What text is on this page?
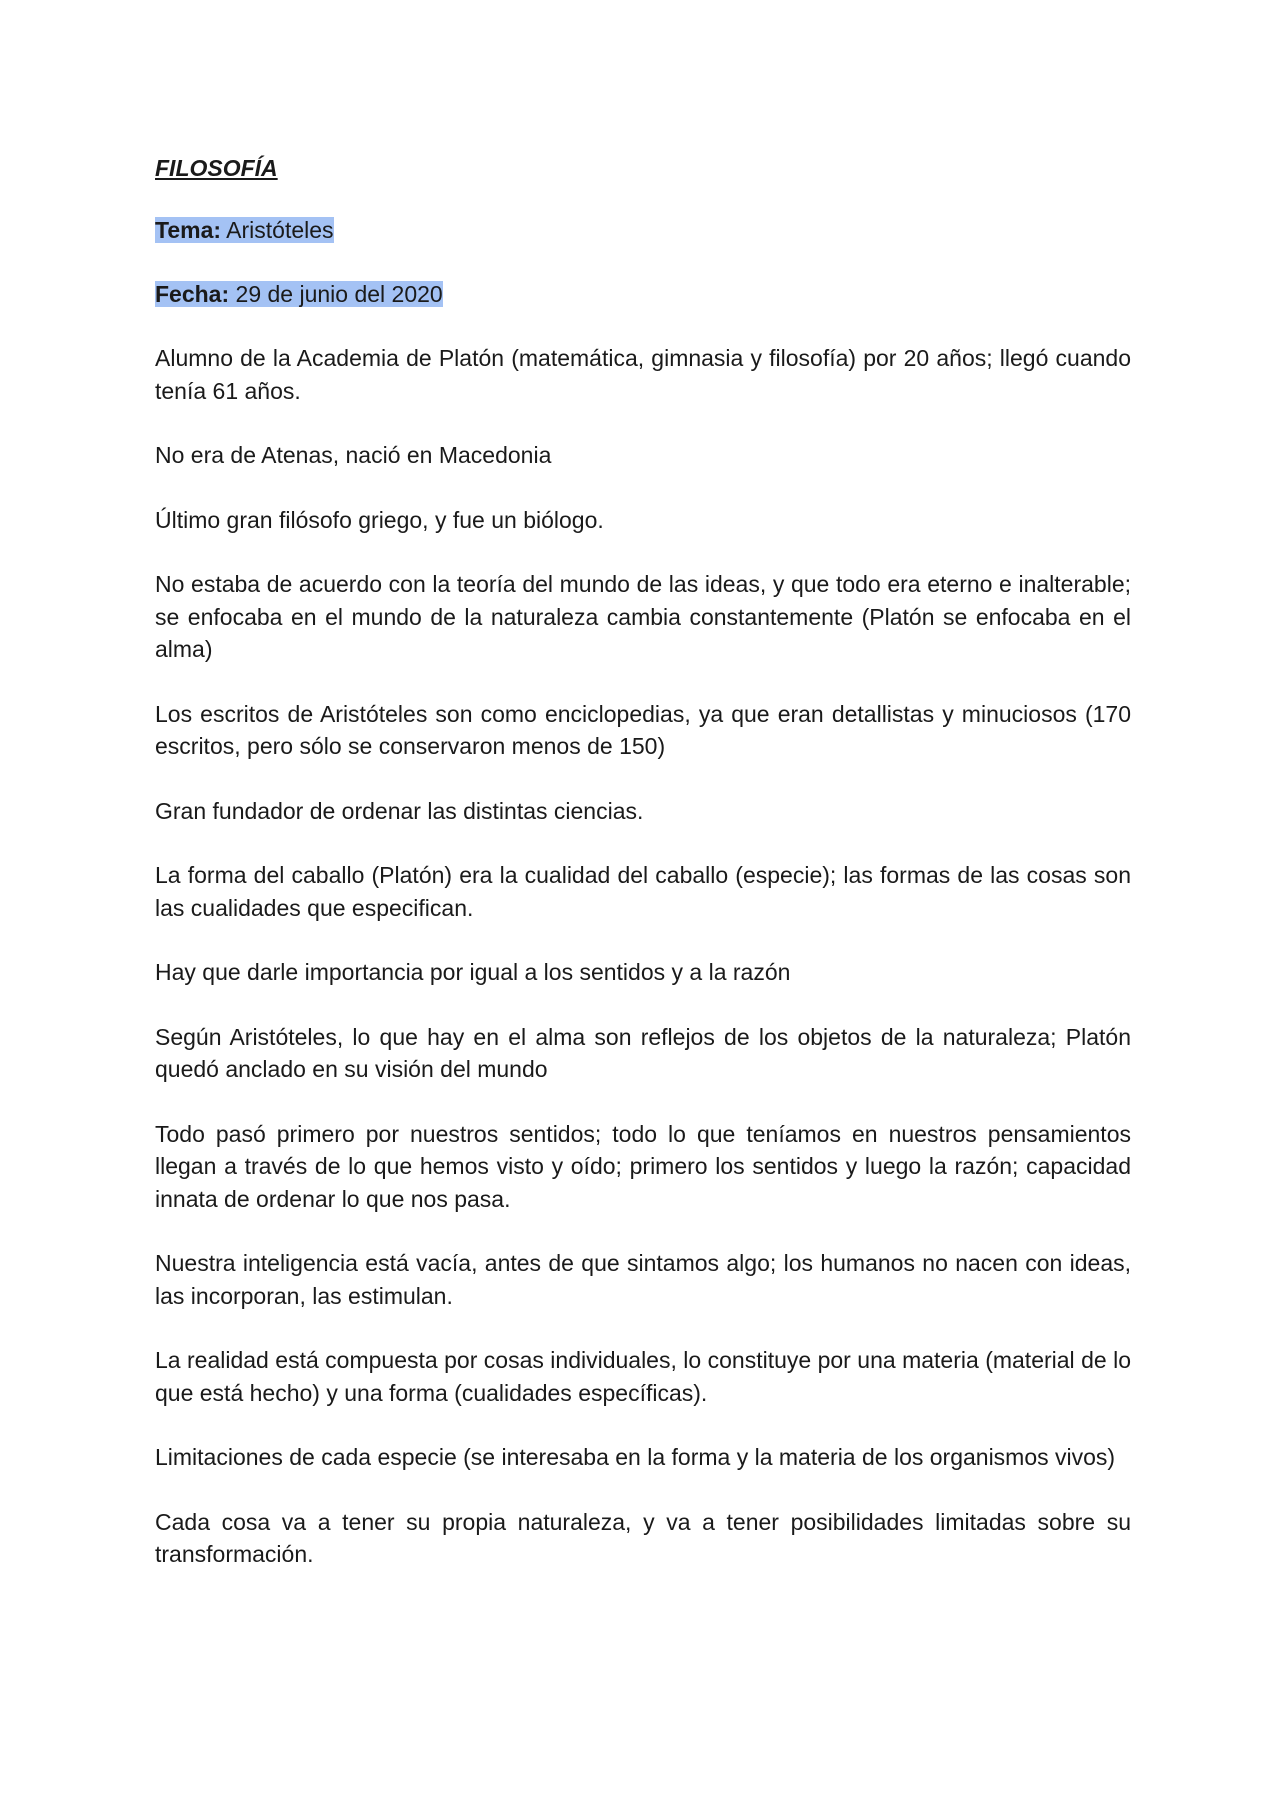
FILOSOFÍA
Tema: Aristóteles
Fecha: 29 de junio del 2020

Alumno de la Academia de Platón (matemática, gimnasia y filosofía) por 20 años; llegó cuando tenía 61 años.

No era de Atenas, nació en Macedonia

Último gran filósofo griego, y fue un biólogo.

No estaba de acuerdo con la teoría del mundo de las ideas, y que todo era eterno e inalterable; se enfocaba en el mundo de la naturaleza cambia constantemente (Platón se enfocaba en el alma)

Los escritos de Aristóteles son como enciclopedias, ya que eran detallistas y minuciosos (170 escritos, pero sólo se conservaron menos de 150)

Gran fundador de ordenar las distintas ciencias.

La forma del caballo (Platón) era la cualidad del caballo (especie); las formas de las cosas son las cualidades que especifican.

Hay que darle importancia por igual a los sentidos y a la razón

Según Aristóteles, lo que hay en el alma son reflejos de los objetos de la naturaleza; Platón quedó anclado en su visión del mundo

Todo pasó primero por nuestros sentidos; todo lo que teníamos en nuestros pensamientos llegan a través de lo que hemos visto y oído; primero los sentidos y luego la razón; capacidad innata de ordenar lo que nos pasa.

Nuestra inteligencia está vacía, antes de que sintamos algo; los humanos no nacen con ideas, las incorporan, las estimulan.

La realidad está compuesta por cosas individuales, lo constituye por una materia (material de lo que está hecho) y una forma (cualidades específicas).

Limitaciones de cada especie (se interesaba en la forma y la materia de los organismos vivos)

Cada cosa va a tener su propia naturaleza, y va a tener posibilidades limitadas sobre su transformación.
